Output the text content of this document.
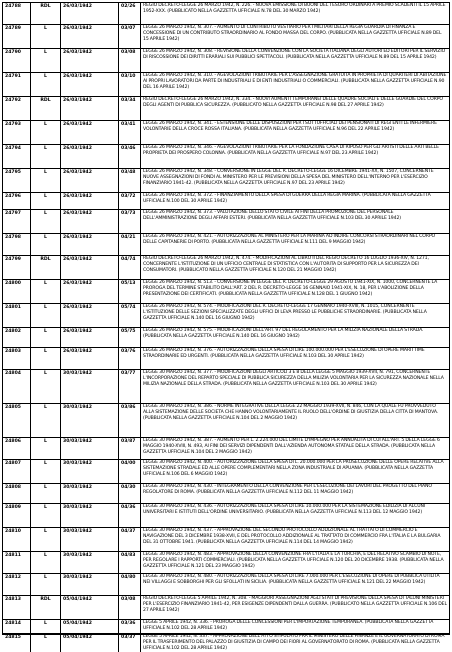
24788	RDL	26/03/1942	02/26	REGIO DECRETO-LEGGE 26 MARZO 1942, N. 226. - NUOVA EMISSIONE DI BUONI DEL TESORO ORDINARI A PREMIO SCADENTI IL 15 APRILE 1952-XXX. (PUBBLICATO NELLA GAZZETTA UFFICIALE N.78 DEL 30 MARZO 1942)
24789	L	26/03/1942	03/07	LEGGE 26 MARZO 1942, N. 307. - AUMENTO DI CONTRIBUTO VESTIARIO PER I MILITARI DELLA REGIA GUARDIA DI FINANZA E CONCESSIONE DI UN CONTRIBUTO STRAORDINARIO AL FONDO MASSA DEL CORPO. (PUBBLICATA NELLA GAZZETTA UFFICIALE N.89 DEL 15 APRILE 1942)
24790	L	26/03/1942	03/08	LEGGE 26 MARZO 1942, N. 308. - REVISIONE DELLA CONVENZIONE CON LA SOCIETA ITALIANA DEGLI AUTORI ED EDITORI PER IL SERVIZIO DI RISCOSSIONE DEI DIRITTI ERARIALI SUI PUBBLICI SPETTACOLI. (PUBBLICATA NELLA GAZZETTA UFFICIALE N.89 DEL 15 APRILE 1942)
24791	L	26/03/1942	03/10	LEGGE 26 MARZO 1942, N. 310. - AGEVOLAZIONI TRIBUTARIE PER L'ASSEGNAZIONE GRATUITA IN PROPRIETA DI QUARTIERI DI ABITAZIONE AI PROPRI LAVORATORI DA PARTE DI INDUSTRIALI E DI ENTI INDUSTRIALI O COMMERCIALI. (PUBBLICATA NELLA GAZZETTA UFFICIALE N.90 DEL 16 APRILE 1942)
24792	RDL	26/03/1942	03/34	REGIO DECRETO-LEGGE 26 MARZO 1942, N. 334. - NUOVI AUMENTI TEMPORANEI DELLE QUADRE SOCIALI E DELLE GUARDIE DEL CORPO DEGLI AGENTI DI PUBBLICA SICUREZZA. (PUBBLICATO NELLA GAZZETTA UFFICIALE N.98 DEL 27 APRILE 1942)
24793	L	26/03/1942	03/41	LEGGE 26 MARZO 1942, N. 341. - ESTENSIONE DELLE DISPOSIZIONI PER I SOTTUFFICIALI DEI PENSIONATI DI REGI ENTI LE INFERMIERE VOLONTARIE DELLA CROCE ROSSA ITALIANA. (PUBBLICATA NELLA GAZZETTA UFFICIALE N.96 DEL 22 APRILE 1942)
24794	L	26/03/1942	03/46	LEGGE 26 MARZO 1942, N. 346. - AGEVOLAZIONI TRIBUTARIE PER LA FONDAZIONE CASA DI RIPOSO PER GLI ARTISTI DELLE ARTI BELLE PROPRIETA DEI PROSPERO COLONNA. (PUBBLICATA NELLA GAZZETTA UFFICIALE N.97 DEL 23 APRILE 1942)
24795	L	26/03/1942	03/48	LEGGE 26 MARZO 1942, N. 348. - CONVERSIONE IN LEGGE DEL R. DECRETO-LEGGE 16 DICEMBRE 1941-XX, N. 1507, CONCERNENTE NUOVE ASSEGNAZIONI DI FONDI AL MINISTERO PER LE PREVISIONI DELLA SPESA DEL MINISTERO DELL'INTERNO PER L'ESERCIZIO FINANZIARIO 1941-42. (PUBBLICATA NELLA GAZZETTA UFFICIALE N.97 DEL 23 APRILE 1942)
24796	L	26/03/1942	03/72	LEGGE 26 MARZO 1942, N. 372. - FINANZIAMENTO DELLA SPESA DI GUERRA DELLA REGIA MARINA. (PUBBLICATA NELLA GAZZETTA UFFICIALE N.100 DEL 30 APRILE 1942)
24797	L	26/03/1942	03/73	LEGGE 26 MARZO 1942, N. 373. - VALUTAZIONE DELLO STATO CIVILE AI FINI DELLA PROMOZIONE DEL PERSONALE DELL'AMMINISTRAZIONE DEGLI AFFARI ESTERI. (PUBBLICATA NELLA GAZZETTA UFFICIALE N.103 DEL 30 APRILE 1942)
24798	L	26/03/1942	04/21	LEGGE 26 MARZO 1942, N. 421. - AUTORIZZAZIONE AL MINISTERO PER LA MARINA AD INDIRE CONCORSI STRAORDINARI NEL CORPO DELLE CAPITANERIE DI PORTO. (PUBBLICATA NELLA GAZZETTA UFFICIALE N.111 DEL 9 MAGGIO 1942)
24799	RDL	26/03/1942	04/74	REGIO DECRETO-LEGGE 26 MARZO 1942, N. 474. - MODIFICAZIONI AL LIBRO II DEL REGIO DECRETO 16 LUGLIO 1936-XIV, N. 1271, CONCERNENTE L'ISTITUZIONE DI UN UFFICIO CENTRALE DI STATISTICA CON L'AUTORITA DI SUPPORTO PER LA SICUREZZA DEI CONSUMATORI. (PUBBLICATO NELLA GAZZETTA UFFICIALE N.120 DEL 21 MAGGIO 1942)
24800	L	26/03/1942	05/13	LEGGE 26 MARZO 1942, N. 513. - CONVERSIONE IN LEGGE DEL R. DECRETO-LEGGE 29 AGOSTO 1941-XIX, N. 1000, CONCERNENTE LA PROROGA DEL TERMINE STABILITO DALL'ART. 2 DEL R. DECRETO-LEGGE 16 GENNAIO 1941-XIX, N. 18, PER L'ABOLIZIONE DELLA PRESENTAZIONE DEI CERTIFICATI. (PUBBLICATA NELLA GAZZETTA UFFICIALE N.128 DEL 1 GIUGNO 1942)
24801	L	26/03/1942	05/74	LEGGE 26 MARZO 1942, N. 574. - MODIFICAZIONI DEL R. DECRETO-LEGGE 17 GENNAIO 1940-XVIII, N. 1015, CONCERNENTE L'ISTITUZIONE DELLE SEZIONI SPECIALIZZATE DEGLI UFFICI DI LEVA PRESSO LE PUBBLICHE STRAORDINARIE. (PUBBLICATA NELLA GAZZETTA UFFICIALE N.140 DEL 16 GIUGNO 1942)
24802	L	26/03/1942	05/75	LEGGE 26 MARZO 1942, N. 575. - MODIFICAZIONI DELL'ART. 97 DEL REGOLAMENTO PER LA MILIZIA NAZIONALE DELLA STRADA. (PUBBLICATA NELLA GAZZETTA UFFICIALE N.140 DEL 16 GIUGNO 1942)
24803	L	26/03/1942	03/76	LEGGE 26 MARZO 1942, N. 376. - AUTORIZZAZIONE DELLA SPESA DI LIRE 100.000.000 PER L'ESECUZIONE DI OPERE MARITTIME STRAORDINARIE ED URGENTI. (PUBBLICATA NELLA GAZZETTA UFFICIALE N.103 DEL 30 APRILE 1942)
24804	L	30/03/1942	03/77	LEGGE 30 MARZO 1942, N. 377. - MODIFICAZIONI DEGLI ARTICOLI 3 E 8 DELLA LEGGE 5 MAGGIO 1939-XVII, N. 791, CONCERNENTE L'INCORPORAZIONE DEL REPARTO SPECIALE DI PUBBLICA SICUREZZA DELLA MILIZIA VOLONTARIA PER LA SICUREZZA NAZIONALE NELLA MILIZIA NAZIONALE DELLA STRADA. (PUBBLICATA NELLA GAZZETTA UFFICIALE N.103 DEL 30 APRILE 1942)
24805	L	30/03/1942	03/86	LEGGE 30 MARZO 1942, N. 386. - NORME INTEGRATIVE DELLA LEGGE 22 MAGGIO 1939-XVII, N. 846, CON LA QUALE FU PROVVEDUTO ALLA SISTEMAZIONE DELLE SOCIETA CHE HANNO VOLONTARIAMENTE IL RUOLO DELL'ORDINE DI GIUSTIZIA DELLA CITTA DI MANTOVA. (PUBBLICATA NELLA GAZZETTA UFFICIALE N.104 DEL 2 MAGGIO 1942)
24806	L	30/03/1942	03/87	LEGGE 30 MARZO 1942, N. 387. - AUMENTO PER L. 2.224.000 DEL LIMITE D'IMPEGNO PER ANNUALITA DI CUI ALL'ART. 5 DELLA LEGGE 6 MAGGIO 1940-XVIII, N. 493, AI FINI DEI SERVIZI DIPENDENTI DALL'AZIENDA AUTONOMA STATALE DELLA STRADA. (PUBBLICATA NELLA GAZZETTA UFFICIALE N.104 DEL 2 MAGGIO 1942)
24807	L	30/03/1942	04/00	LEGGE 30 MARZO 1942, N. 400. - AUTORIZZAZIONE DELLA SPESA DI L. 20.000.000 PER LA PROSECUZIONE DELLE OPERE RELATIVE ALLA SISTEMAZIONE STRADALE ED ALLE OPERE COMPLEMENTARI NELLA ZONA INDUSTRIALE DI APUANIA. (PUBBLICATA NELLA GAZZETTA UFFICIALE N.106 DEL 6 MAGGIO 1942)
24808	L	30/03/1942	04/30	LEGGE 30 MARZO 1942, N. 430. - INTEGRAMENTO DELLA CONVENZIONE PER L'ESECUZIONE DEI LAVORI DEL PROGETTO DEL PIANO REGOLATORE DI ROMA. (PUBBLICATA NELLA GAZZETTA UFFICIALE N.112 DEL 11 MAGGIO 1942)
24809	L	30/03/1942	04/36	LEGGE 30 MARZO 1942, N. 436. - AUTORIZZAZIONE DELLA SPESA DI LIRE 10.000.000 PER LA SISTEMAZIONE EDILIZIA DI ALCUNI UNIVERSITARI E ISTITUTI DELL'ORDINE UNIVERSITARIO. (PUBBLICATA NELLA GAZZETTA UFFICIALE N.113 DEL 12 MAGGIO 1942)
24810	L	30/03/1942	04/37	LEGGE 30 MARZO 1942, N. 437. - APPROVAZIONE DEL SECONDO PROTOCOLLO ADDIZIONALE AL TRATTATO DI COMMERCIO E NAVIGAZIONE DEL 3 DICEMBRE 1938-XVII, E DEL PROTOCOLLO ADDIZIONALE AL TRATTATO DI COMMERCIO FRA L'ITALIA E LA BULGARIA DEL 31 OTTOBRE 1941. (PUBBLICATA NELLA GAZZETTA UFFICIALE N.114 DEL 14 MAGGIO 1942)
24811	L	30/03/1942	04/83	LEGGE 30 MARZO 1942, N. 483. - APPROVAZIONE DELLA CONVENZIONE FRA L'ITALIA E LA TURCHIA, E DEL RELATIVO SCAMBIO DI NOTE, PER REGOLARE I RAPPORTI COMMERCIALI. (PUBBLICATA NELLA GAZZETTA UFFICIALE N.120 DEL 20 DICEMBRE 1938. (PUBBLICATA NELLA GAZZETTA UFFICIALE N.121 DEL 23 MAGGIO 1942)
24812	L	30/03/1942	04/80	LEGGE 30 MARZO 1942, N. 480. - AUTORIZZAZIONE DELLA SPESA DI LIRE 7.000.000 PER L'ESECUZIONE DI OPERE DI PUBBLICA UTILITA NEI VILLAGGI E SOBBORGHI PER GLI SFOLLATI IN SICILIA. (PUBBLICATA NELLA GAZZETTA UFFICIALE N.121 DEL 22 MAGGIO 1942)
24813	RDL	05/04/1942	03/08	REGIO DECRETO-LEGGE 5 APRILE 1942, N. 308. - MAGGIORI ASSEGNAZIONI AGLI STATI DI PREVISIONE DELLA SPESA DI TALUNI MINISTERI PER L'ESERCIZIO FINANZIARIO 1941-42, PER ESIGENZE DIPENDENTI DALLA GUERRA. (PUBBLICATO NELLA GAZZETTA UFFICIALE N.106 DEL 27 APRILE 1942)
24814	L	05/04/1942	03/36	LEGGE 5 APRILE 1942, N. 336. - PROROGA DELLE CONCESSIONI PER L'IMPORTAZIONE TEMPORANEA. (PUBBLICATA NELLA GAZZETTA UFFICIALE N.102 DEL 28 APRILE 1942)
24815	L	05/04/1942	03/37	LEGGE 5 APRILE 1942, N. 337. - APPROVAZIONE DELL'ATTO STIPULATO FRA IL MINISTERO DELLE FINANZE E IL GOVERNATORATO DI ROMA PER IL TRASFERIMENTO DEL PALAZZO DI GIUSTIZIA DI CAMPO DEI FIORI AL GOVERNATORATO DI ROMA. (PUBBLICATA NELLA GAZZETTA UFFICIALE N.102 DEL 28 APRILE 1942)
